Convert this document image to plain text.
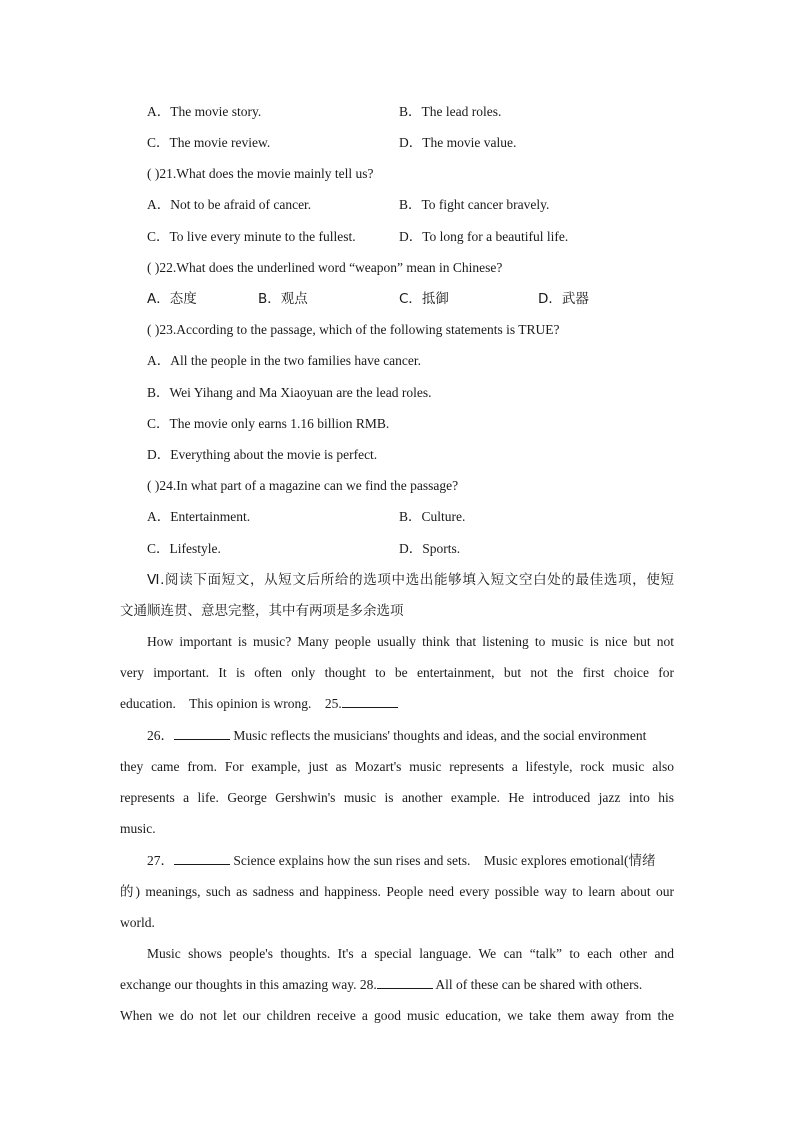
A．The movie story.	B．The lead roles.
C．The movie review.	D．The movie value.
( )21.What does the movie mainly tell us?
A．Not to be afraid of cancer.	B．To fight cancer bravely.
C．To live every minute to the fullest.	D．To long for a beautiful life.
( )22.What does the underlined word “weapon” mean in Chinese?
A．态度	B．观点	C．抵御	D．武器
( )23.According to the passage, which of the following statements is TRUE?
A．All the people in the two families have cancer.
B．Wei Yihang and Ma Xiaoyuan are the lead roles.
C．The movie only earns 1.16 billion RMB.
D．Everything about the movie is perfect.
( )24.In what part of a magazine can we find the passage?
A．Entertainment.	B．Culture.
C．Lifestyle.	D．Sports.
Ⅵ.阅读下面短文，从短文后所给的选项中选出能够填入短文空白处的最佳选项，使短
文通顺连贯、意思完整，其中有两项是多余选项
How important is music? Many people usually think that listening to music is nice but not
very important. It is often only thought to be entertainment, but not the first choice for
education.    This opinion is wrong.    25.
26．	Music reflects the musicians' thoughts and ideas, and the social environment
they came from. For example, just as Mozart's music represents a lifestyle, rock music also
represents a life. George Gershwin's music is another example. He introduced jazz into his
music.
27．	Science explains how the sun rises and sets.    Music explores emotional(情绪
的) meanings, such as sadness and happiness. People need every possible way to learn about our
world.
Music shows people's thoughts. It's a special language. We can “talk” to each other and
exchange our thoughts in this amazing way. 28.	All of these can be shared with others.
When we do not let our children receive a good music education, we take them away from the
